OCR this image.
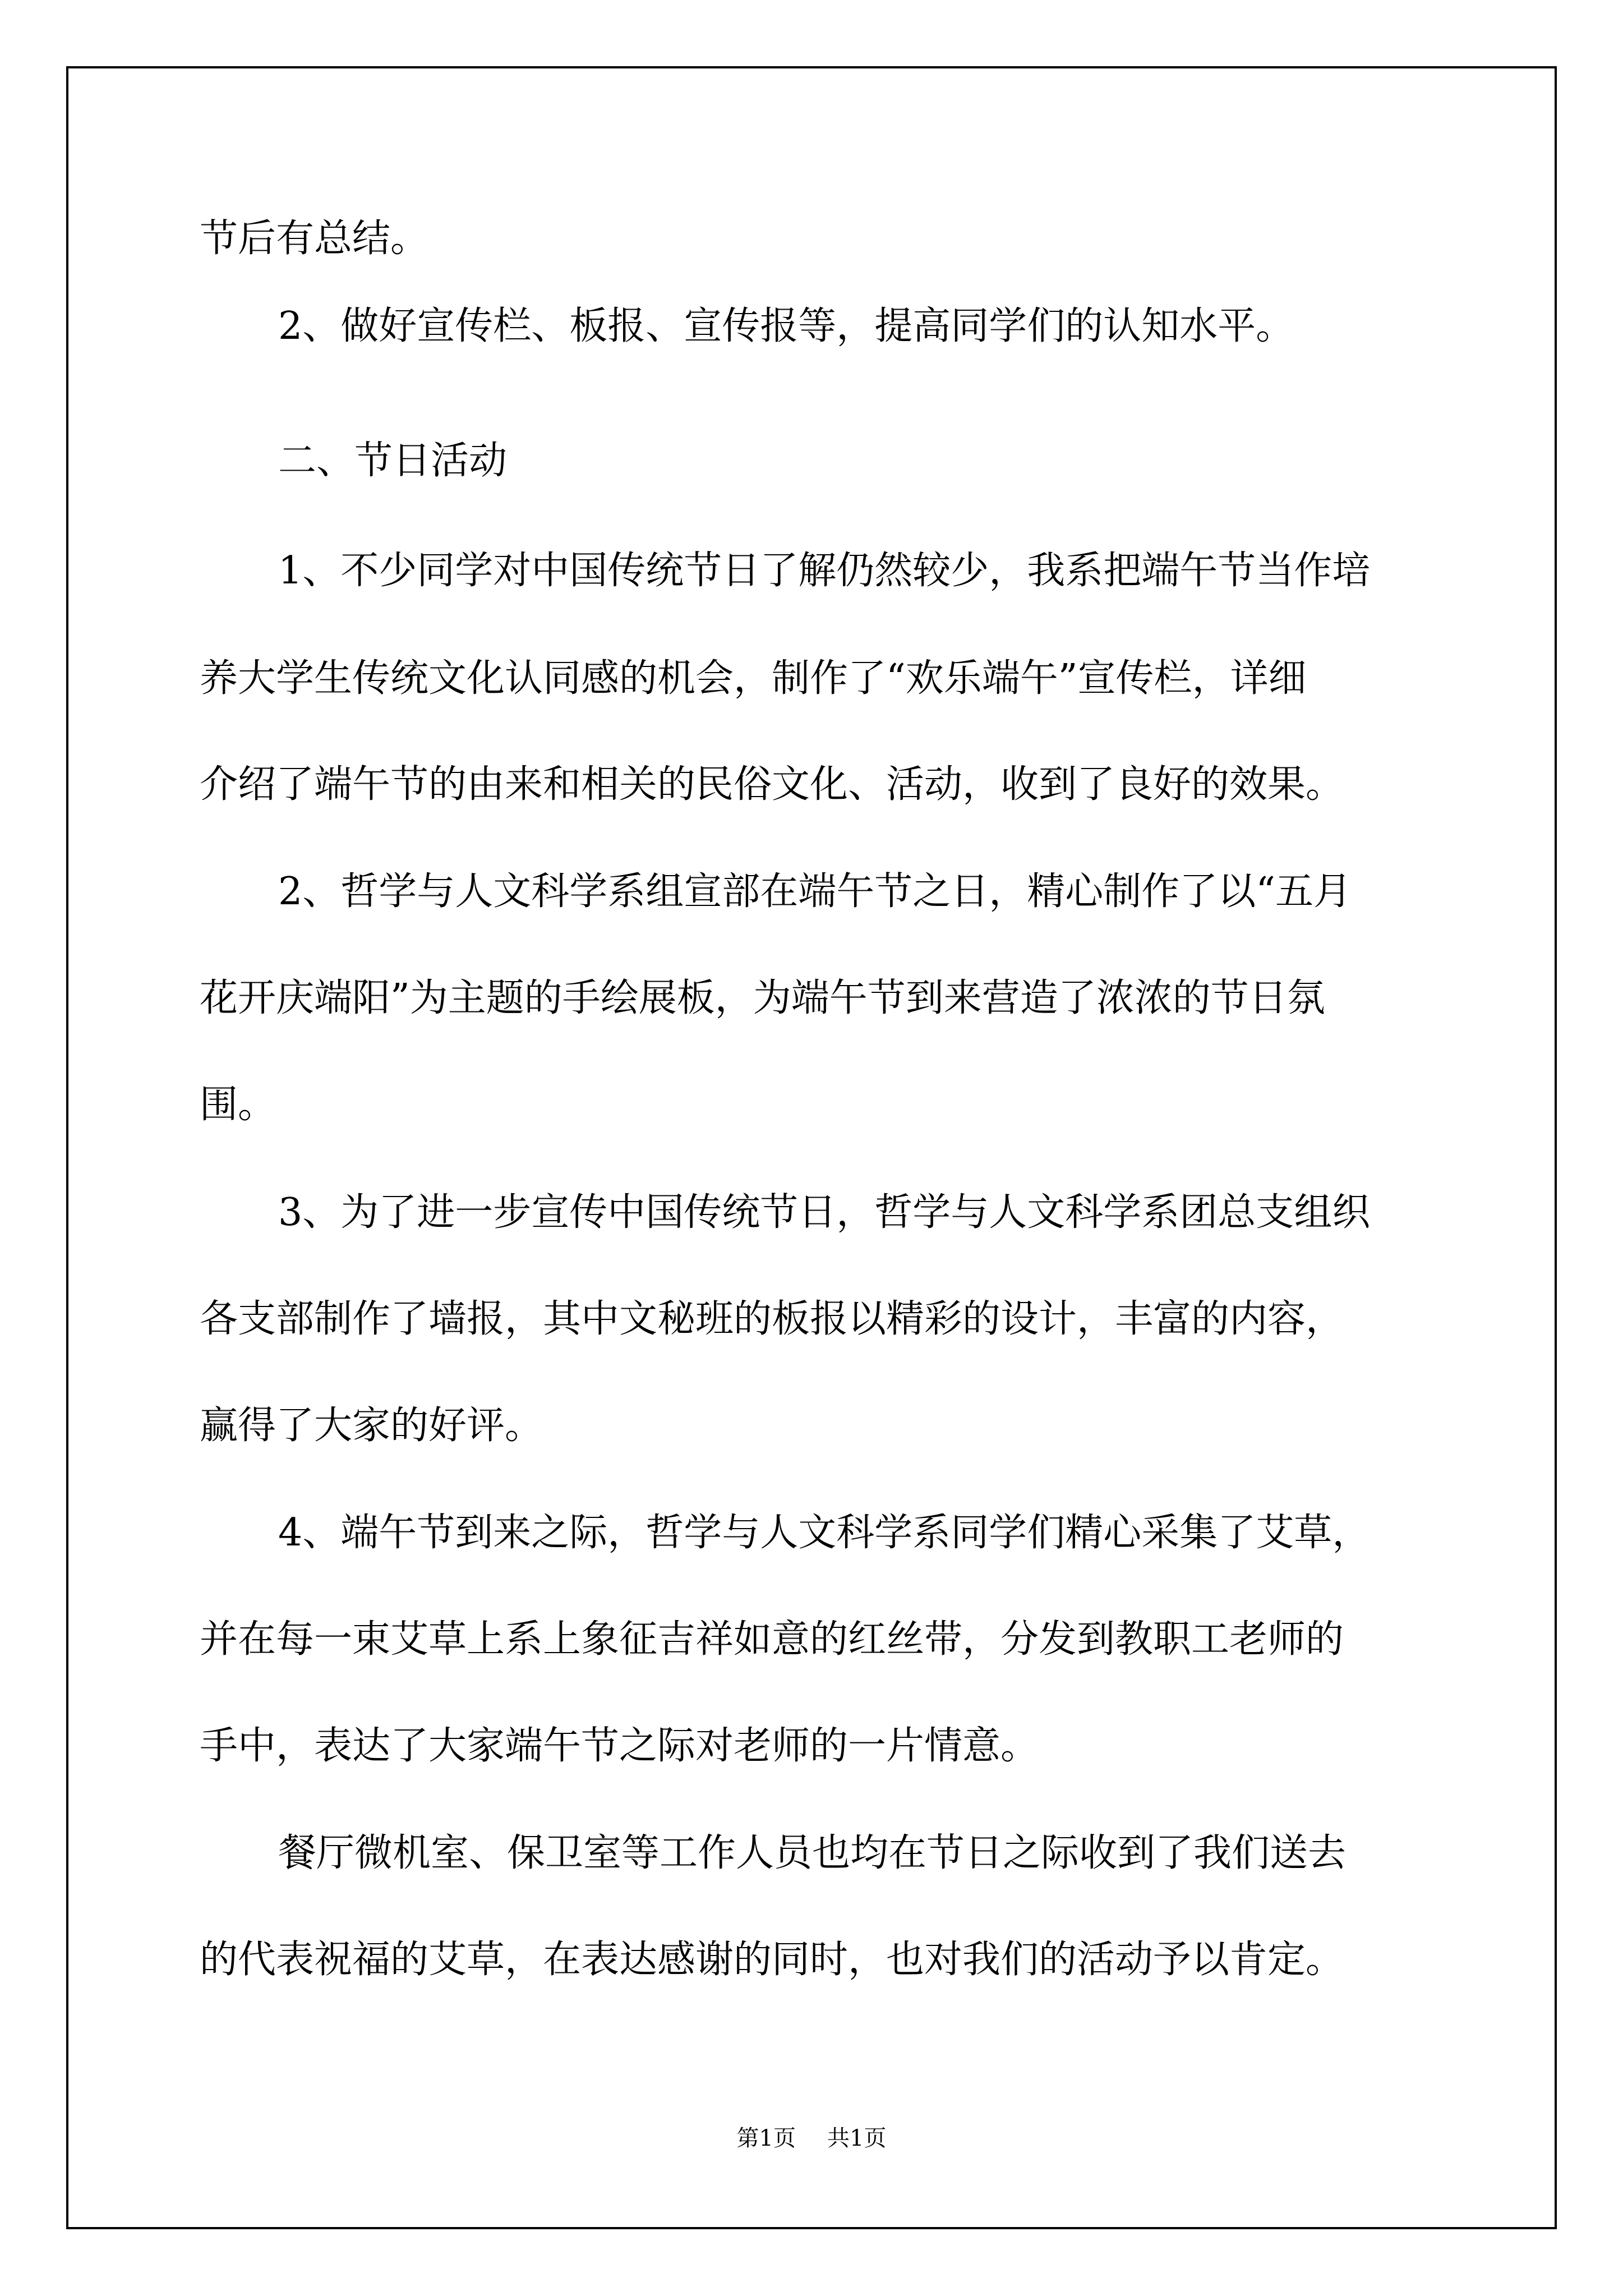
节后有总结。

2、做好宣传栏、板报、宣传报等，提高同学们的认知水平。

二、节日活动

1、不少同学对中国传统节日了解仍然较少，我系把端午节当作培

养大学生传统文化认同感的机会，制作了“欢乐端午”宣传栏，详细

介绍了端午节的由来和相关的民俗文化、活动，收到了良好的效果。

2、哲学与人文科学系组宣部在端午节之日，精心制作了以“五月

花开庆端阳”为主题的手绘展板，为端午节到来营造了浓浓的节日氛

围。

3、为了进一步宣传中国传统节日，哲学与人文科学系团总支组织

各支部制作了墙报，其中文秘班的板报以精彩的设计，丰富的内容，

赢得了大家的好评。

4、端午节到来之际，哲学与人文科学系同学们精心采集了艾草，

并在每一束艾草上系上象征吉祥如意的红丝带，分发到教职工老师的

手中，表达了大家端午节之际对老师的一片情意。

餐厅微机室、保卫室等工作人员也均在节日之际收到了我们送去

的代表祝福的艾草，在表达感谢的同时，也对我们的活动予以肯定。

第1页 共1页
